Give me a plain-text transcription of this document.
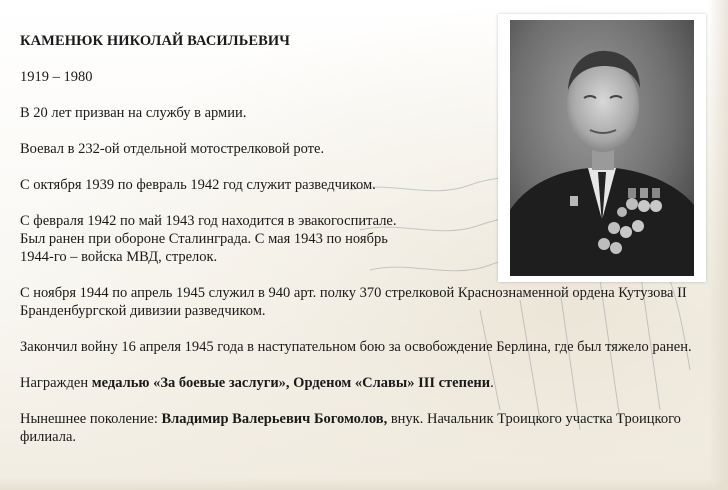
КАМЕНЮК НИКОЛАЙ ВАСИЛЬЕВИЧ

1919 – 1980

В 20 лет призван на службу в армии.

Воевал в 232-ой отдельной мотострелковой роте.

С октября 1939 по февраль 1942 год служит разведчиком.

С февраля 1942 по май 1943 год находится в эвакогоспитале.
Был ранен при обороне Сталинграда. С мая 1943 по ноябрь
1944-го – войска МВД, стрелок.

С ноября 1944 по апрель 1945 служил в 940 арт. полку 370 стрелковой Краснознаменной ордена Кутузова II Бранденбургской дивизии разведчиком.

Закончил войну 16 апреля 1945 года в наступательном бою за освобождение Берлина, где был тяжело ранен.

Награжден медалью «За боевые заслуги», Орденом «Славы» III степени.

Нынешнее поколение: Владимир Валерьевич Богомолов, внук. Начальник Троицкого участка Троицкого филиала.
